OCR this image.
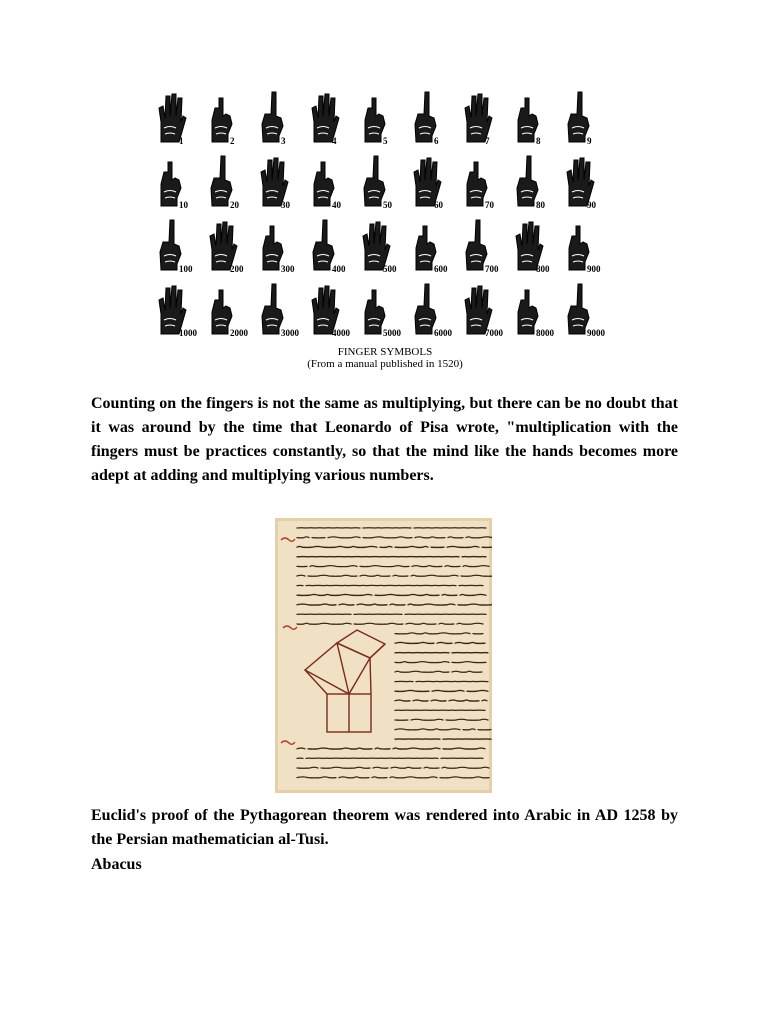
1	2	3	4	5	6	7	8	9
10	20	30	40	50	60	70	80	90
100	200	300	400	500	600	700	800	900
1000	2000	3000	4000	5000	6000	7000	8000	9000
FINGER SYMBOLS
(From a manual published in 1520)

Counting on the fingers is not the same as multiplying, but there can be no doubt that it was around by the time that Leonardo of Pisa wrote, "multiplication with the fingers must be practices constantly, so that the mind like the hands becomes more adept at adding and multiplying various numbers.

Euclid's proof of the Pythagorean theorem was rendered into Arabic in AD 1258 by the Persian mathematician al-Tusi.

Abacus
